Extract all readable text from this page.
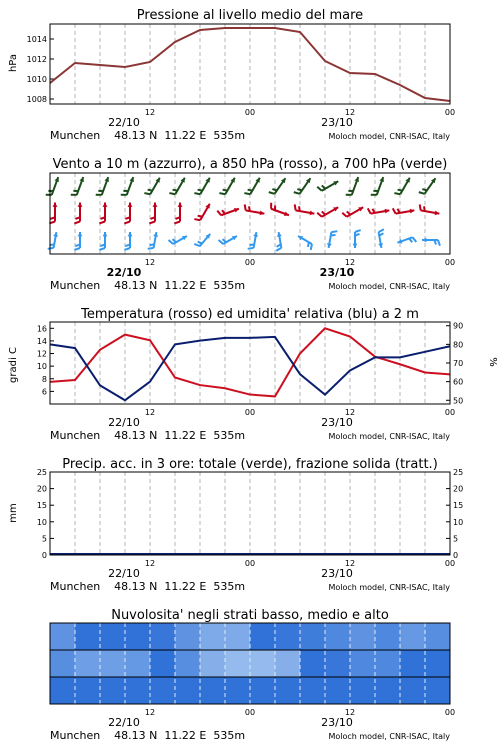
Pressione al livello medio del mare
hPa
1008
1010
1012
1014
Vento a 10 m (azzurro), a 850 hPa (rosso), a 700 hPa (verde)
Temperatura (rosso) ed umidita' relativa (blu) a 2 m
gradi C	%
6
8
10
12
14
16
50
60
70
80
90
Precip. acc. in 3 ore: totale (verde), frazione solida (tratt.)
mm
0
5
10
15
20
25
0
5
10
15
20
25
Nuvolosita' negli strati basso, medio e alto
12	00	12	00
22/10	23/10
Munchen    48.13 N  11.22 E  535m	Moloch model, CNR-ISAC, Italy
12	00	12	00
22/10	23/10
Munchen    48.13 N  11.22 E  535m	Moloch model, CNR-ISAC, Italy
12	00	12	00
22/10	23/10
Munchen    48.13 N  11.22 E  535m	Moloch model, CNR-ISAC, Italy
12	00	12	00
22/10	23/10
Munchen    48.13 N  11.22 E  535m	Moloch model, CNR-ISAC, Italy
12	00	12	00
22/10	23/10
Munchen    48.13 N  11.22 E  535m	Moloch model, CNR-ISAC, Italy
